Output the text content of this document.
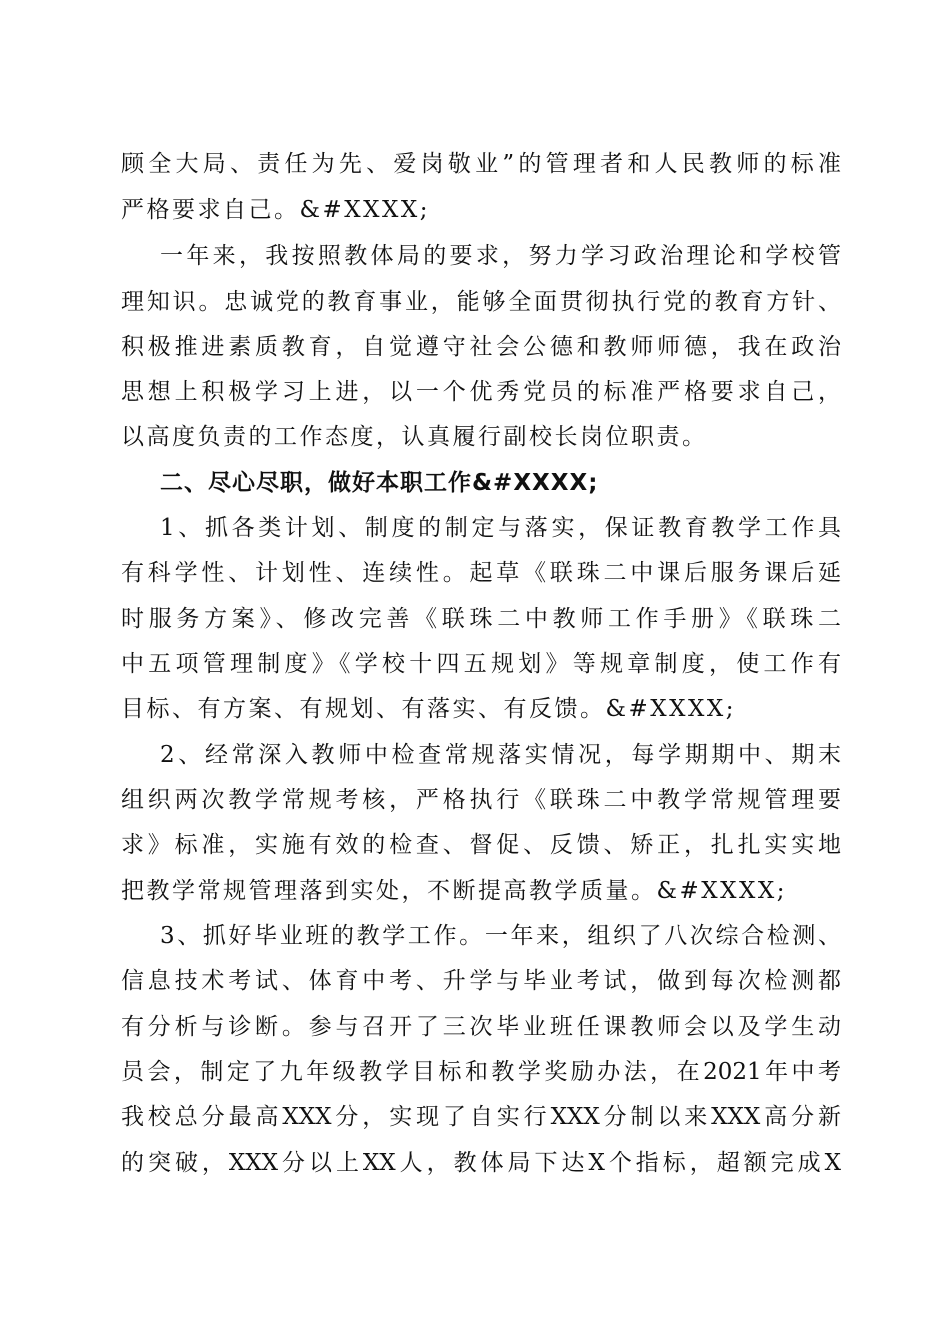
顾全大局、责任为先、爱岗敬业”的管理者和人民教师的标准

严格要求自己。&#XXXX;

一年来，我按照教体局的要求，努力学习政治理论和学校管

理知识。忠诚党的教育事业，能够全面贯彻执行党的教育方针、

积极推进素质教育，自觉遵守社会公德和教师师德，我在政治

思想上积极学习上进，以一个优秀党员的标准严格要求自己，

以高度负责的工作态度，认真履行副校长岗位职责。

二、尽心尽职，做好本职工作&#XXXX;

1、抓各类计划、制度的制定与落实，保证教育教学工作具

有科学性、计划性、连续性。起草《联珠二中课后服务课后延

时服务方案》、修改完善《联珠二中教师工作手册》《联珠二

中五项管理制度》《学校十四五规划》等规章制度，使工作有

目标、有方案、有规划、有落实、有反馈。&#XXXX;

2、经常深入教师中检查常规落实情况，每学期期中、期末

组织两次教学常规考核，严格执行《联珠二中教学常规管理要

求》标准，实施有效的检查、督促、反馈、矫正，扎扎实实地

把教学常规管理落到实处，不断提高教学质量。&#XXXX;

3、抓好毕业班的教学工作。一年来，组织了八次综合检测、

信息技术考试、体育中考、升学与毕业考试，做到每次检测都

有分析与诊断。参与召开了三次毕业班任课教师会以及学生动

员会，制定了九年级教学目标和教学奖励办法，在2021年中考

我校总分最高XXX分，实现了自实行XXX分制以来XXX高分新

的突破，XXX分以上XX人，教体局下达X个指标，超额完成X
